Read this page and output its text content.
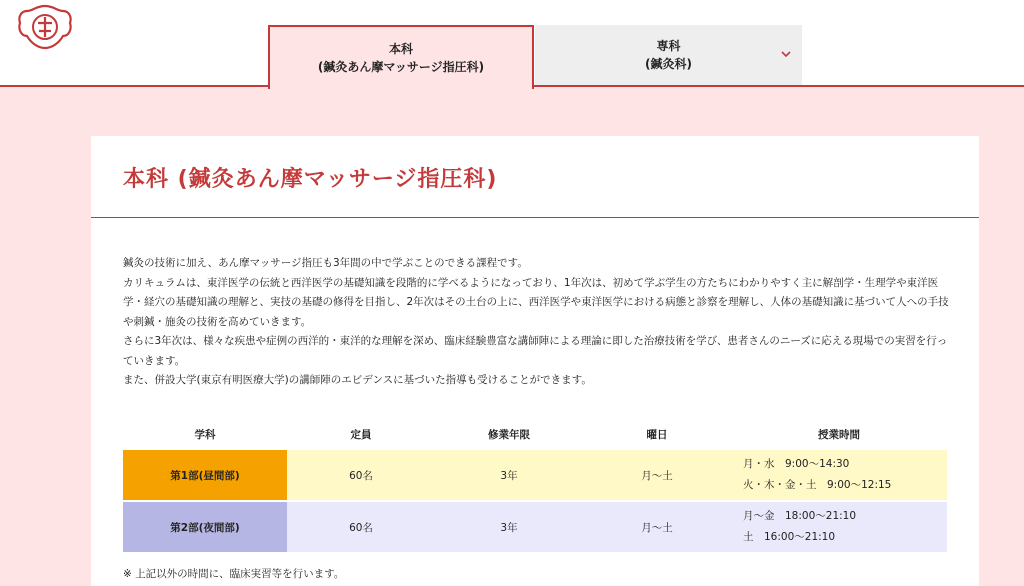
本科
(鍼灸あん摩マッサージ指圧科)
専科
(鍼灸科)
本科 (鍼灸あん摩マッサージ指圧科)

鍼灸の技術に加え、あん摩マッサージ指圧も3年間の中で学ぶことのできる課程です。

カリキュラムは、東洋医学の伝統と西洋医学の基礎知識を段階的に学べるようになっており、1年次は、初めて学ぶ学生の方たちにわかりやすく主に解剖学・生理学や東洋医学・経穴の基礎知識の理解と、実技の基礎の修得を目指し、2年次はその土台の上に、西洋医学や東洋医学における病態と診察を理解し、人体の基礎知識に基づいて人への手技や刺鍼・施灸の技術を高めていきます。

さらに3年次は、様々な疾患や症例の西洋的・東洋的な理解を深め、臨床経験豊富な講師陣による理論に即した治療技術を学び、患者さんのニーズに応える現場での実習を行っていきます。

また、併設大学(東京有明医療大学)の講師陣のエビデンスに基づいた指導も受けることができます。

学科	定員	修業年限	曜日	授業時間
第1部(昼間部)	60名	3年	月〜土	月・水　9:00〜14:30
火・木・金・土　9:00〜12:15

第2部(夜間部)	60名	3年	月〜土	月〜金　18:00〜21:10
土　16:00〜21:10

※ 上記以外の時間に、臨床実習等を行います。
